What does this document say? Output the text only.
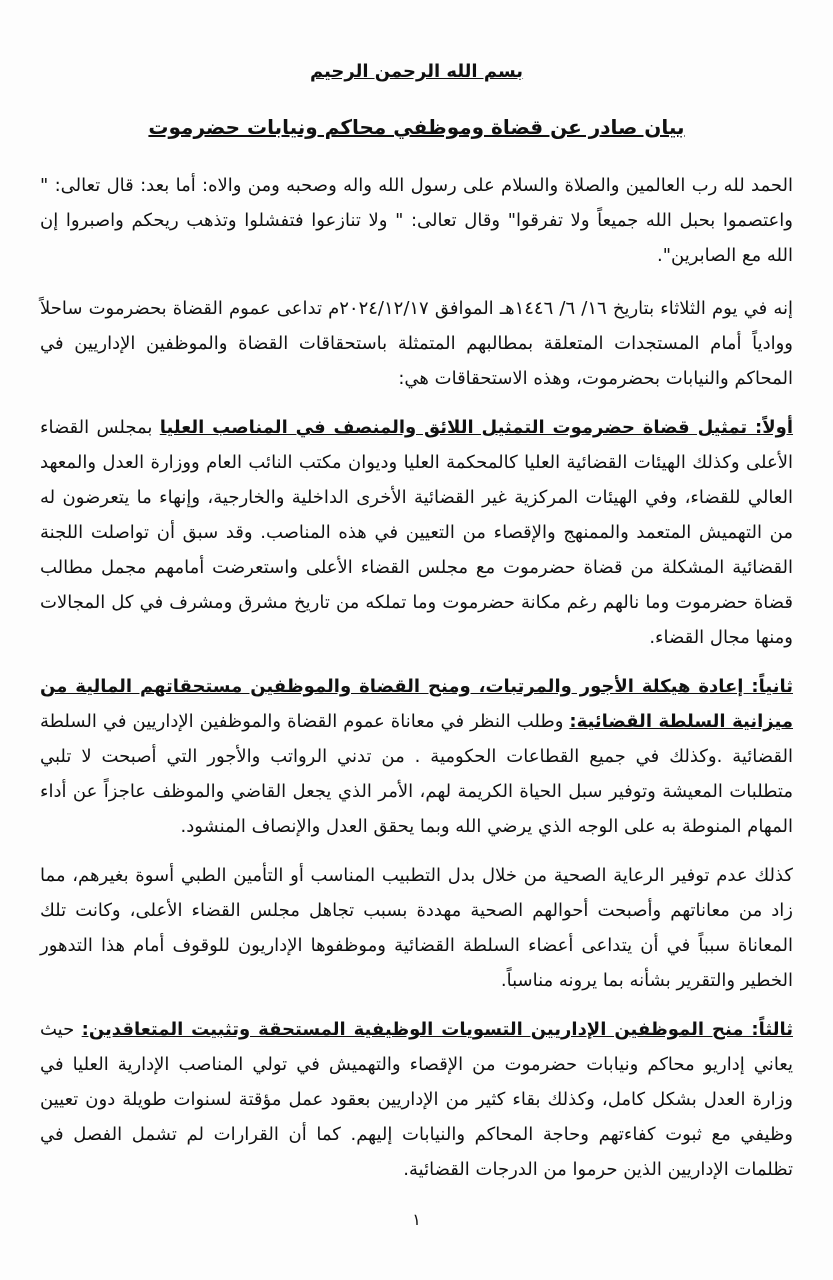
بسم الله الرحمن الرحيم
بيان صادر عن قضاة وموظفي محاكم ونيابات حضرموت

الحمد لله رب العالمين والصلاة والسلام على رسول الله واله وصحبه ومن والاه: أما بعد: قال تعالى: " واعتصموا بحبل الله جميعاً ولا تفرقوا" وقال تعالى: " ولا تنازعوا فتفشلوا وتذهب ريحكم واصبروا إن الله مع الصابرين".

إنه في يوم الثلاثاء بتاريخ ١٦/ ٦/ ١٤٤٦هـ الموافق ٢٠٢٤/١٢/١٧م تداعى عموم القضاة بحضرموت ساحلاً ووادياً أمام المستجدات المتعلقة بمطالبهم المتمثلة باستحقاقات القضاة والموظفين الإداريين في المحاكم والنيابات بحضرموت، وهذه الاستحقاقات هي:

أولاً: تمثيل قضاة حضرموت التمثيل اللائق والمنصف في المناصب العليا بمجلس القضاء الأعلى وكذلك الهيئات القضائية العليا كالمحكمة العليا وديوان مكتب النائب العام ووزارة العدل والمعهد العالي للقضاء، وفي الهيئات المركزية غير القضائية الأخرى الداخلية والخارجية، وإنهاء ما يتعرضون له من التهميش المتعمد والممنهج والإقصاء من التعيين في هذه المناصب. وقد سبق أن تواصلت اللجنة القضائية المشكلة من قضاة حضرموت مع مجلس القضاء الأعلى واستعرضت أمامهم مجمل مطالب قضاة حضرموت وما نالهم رغم مكانة حضرموت وما تملكه من تاريخ مشرق ومشرف في كل المجالات ومنها مجال القضاء.

ثانياً: إعادة هيكلة الأجور والمرتبات، ومنح القضاة والموظفين مستحقاتهم المالية من ميزانية السلطة القضائية: وطلب النظر في معاناة عموم القضاة والموظفين الإداريين في السلطة القضائية .وكذلك في جميع القطاعات الحكومية . من تدني الرواتب والأجور التي أصبحت لا تلبي متطلبات المعيشة وتوفير سبل الحياة الكريمة لهم، الأمر الذي يجعل القاضي والموظف عاجزاً عن أداء المهام المنوطة به على الوجه الذي يرضي الله وبما يحقق العدل والإنصاف المنشود.

كذلك عدم توفير الرعاية الصحية من خلال بدل التطبيب المناسب أو التأمين الطبي أسوة بغيرهم، مما زاد من معاناتهم وأصبحت أحوالهم الصحية مهددة بسبب تجاهل مجلس القضاء الأعلى، وكانت تلك المعاناة سبباً في أن يتداعى أعضاء السلطة القضائية وموظفوها الإداريون للوقوف أمام هذا التدهور الخطير والتقرير بشأنه بما يرونه مناسباً.

ثالثاً: منح الموظفين الإداريين التسويات الوظيفية المستحقة وتثبيت المتعاقدين: حيث يعاني إداريو محاكم ونيابات حضرموت من الإقصاء والتهميش في تولي المناصب الإدارية العليا في وزارة العدل بشكل كامل، وكذلك بقاء كثير من الإداريين بعقود عمل مؤقتة لسنوات طويلة دون تعيين وظيفي مع ثبوت كفاءتهم وحاجة المحاكم والنيابات إليهم. كما أن القرارات لم تشمل الفصل في تظلمات الإداريين الذين حرموا من الدرجات القضائية.

١
